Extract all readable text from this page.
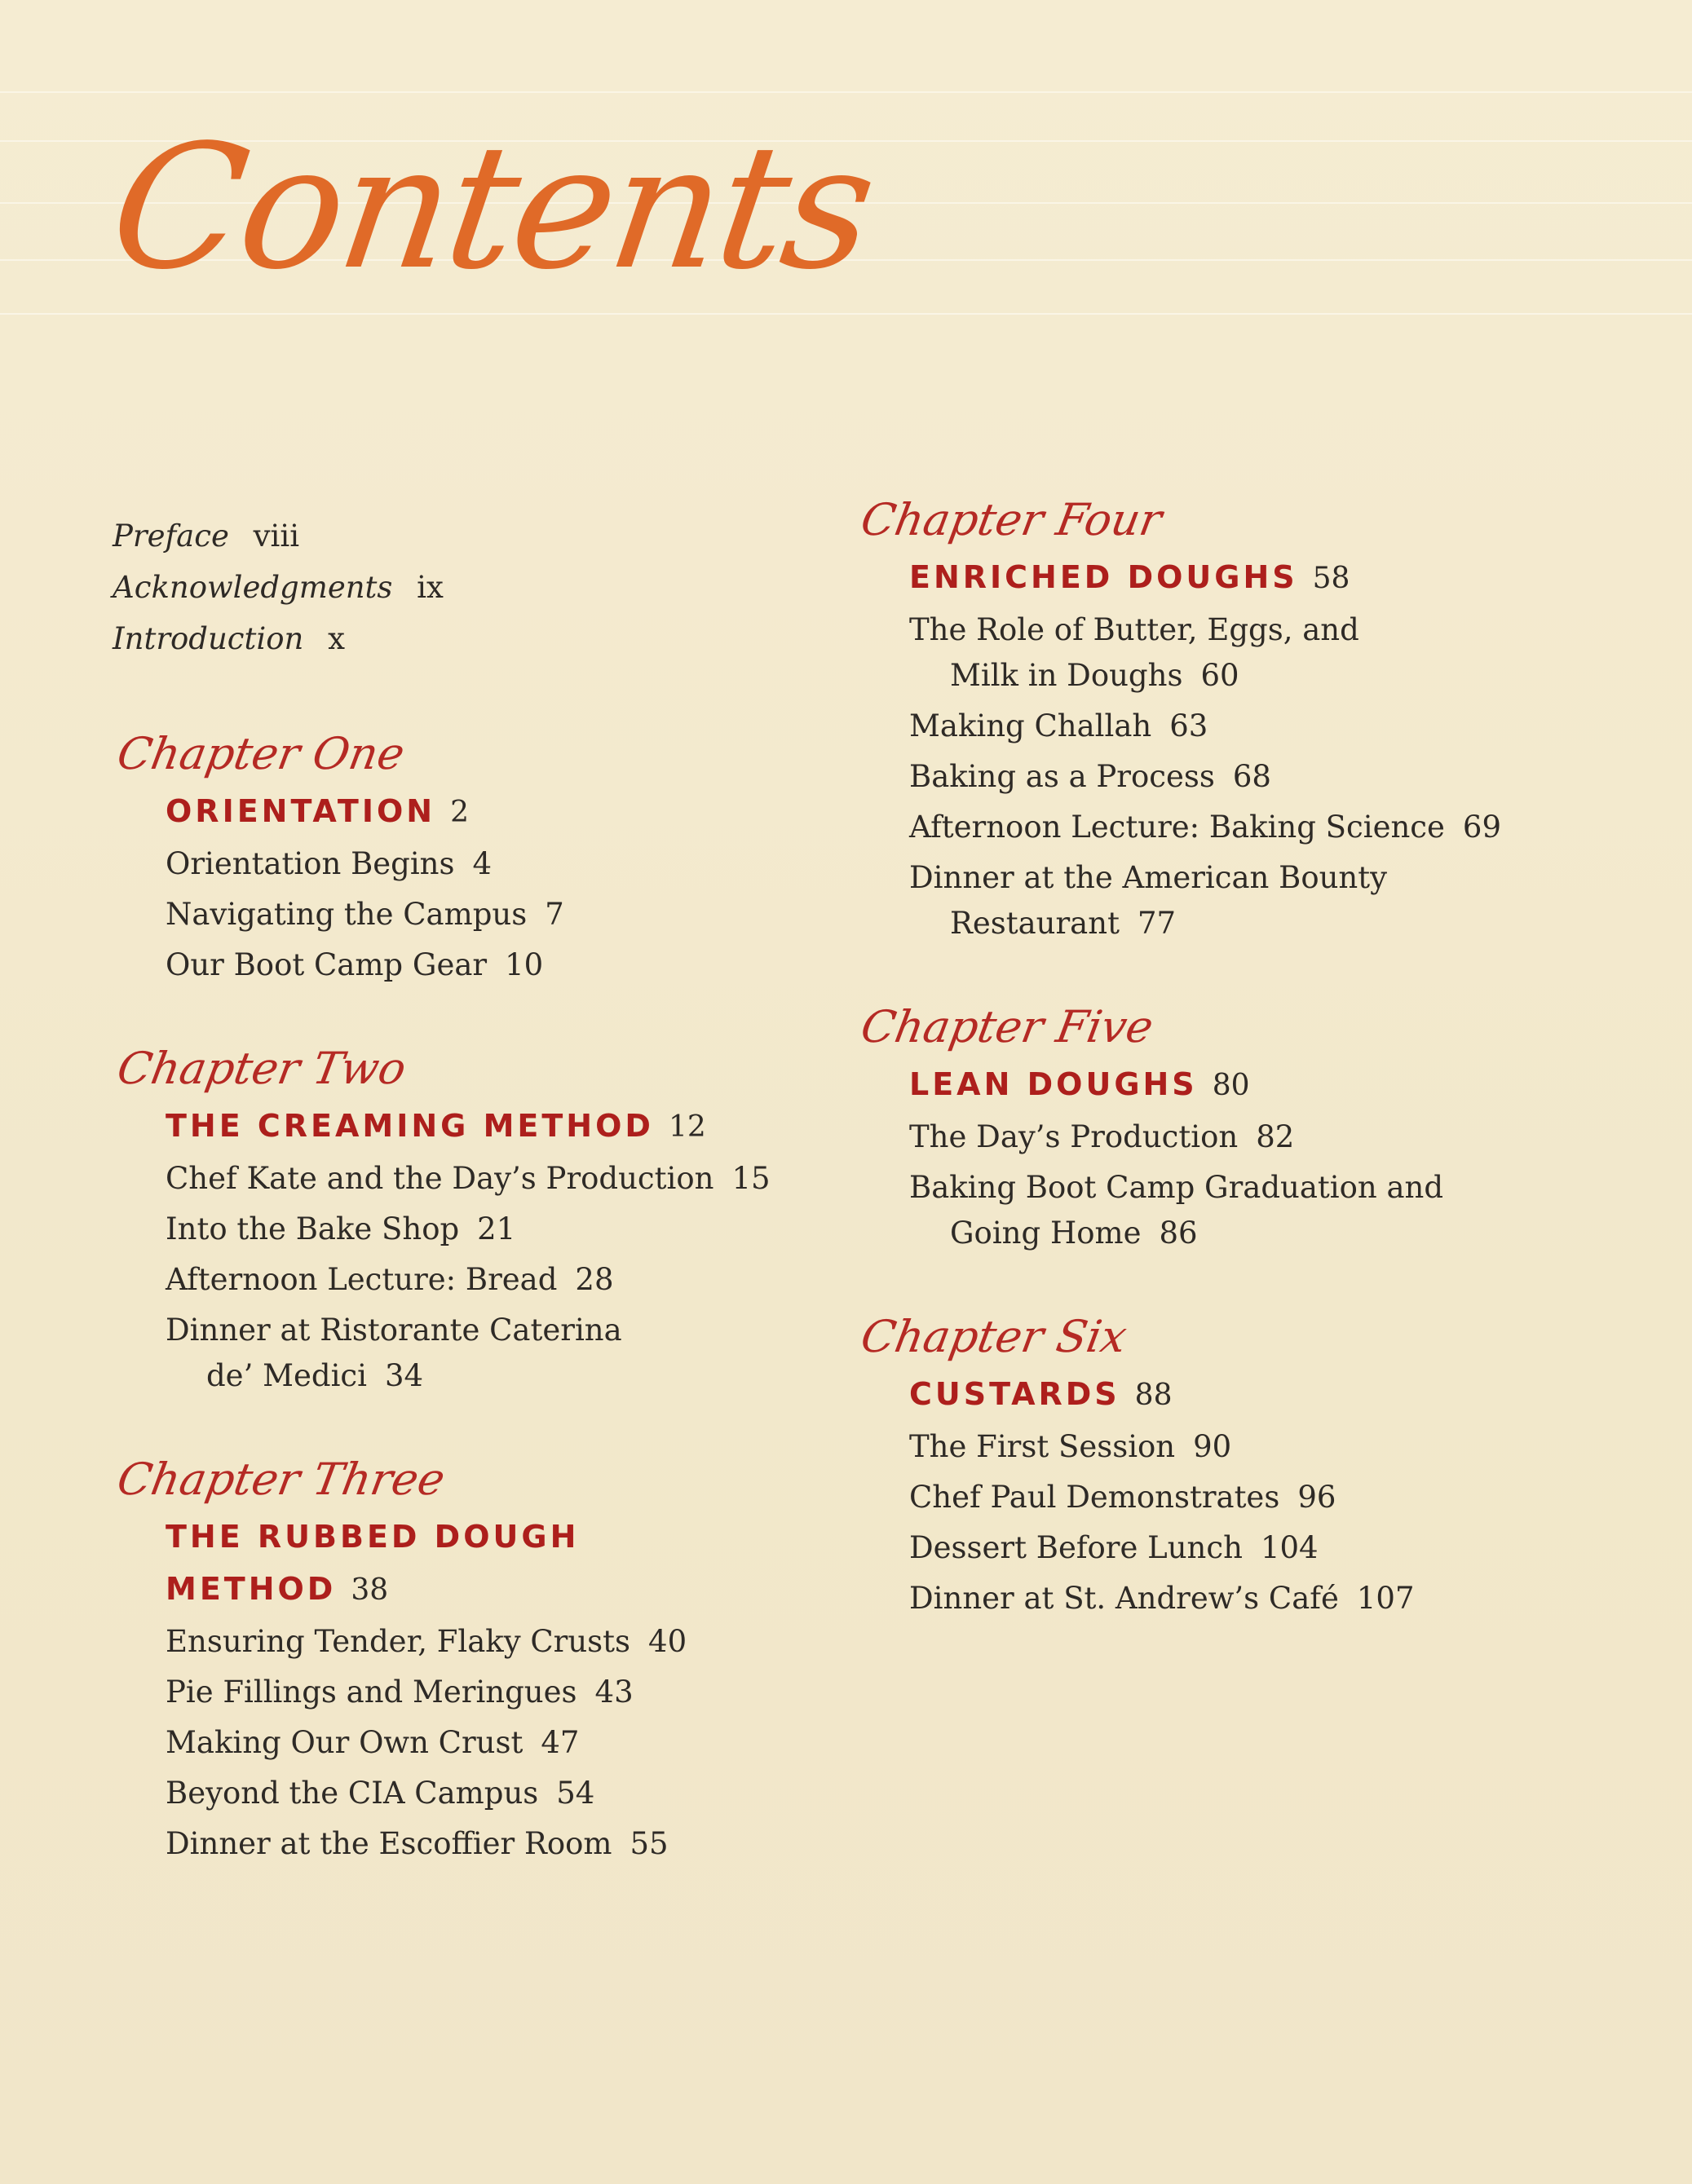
Contents

Preface viii

Acknowledgments ix

Introduction x

Chapter One

ORIENTATION 2

Orientation Begins 4

Navigating the Campus 7

Our Boot Camp Gear 10

Chapter Two

THE CREAMING METHOD 12

Chef Kate and the Day’s Production 15

Into the Bake Shop 21

Afternoon Lecture: Bread 28

Dinner at Ristorante Caterina
de’ Medici 34

Chapter Three

THE RUBBED DOUGH METHOD 38

Ensuring Tender, Flaky Crusts 40

Pie Fillings and Meringues 43

Making Our Own Crust 47

Beyond the CIA Campus 54

Dinner at the Escoffier Room 55

Chapter Four

ENRICHED DOUGHS 58

The Role of Butter, Eggs, and
Milk in Doughs 60

Making Challah 63

Baking as a Process 68

Afternoon Lecture: Baking Science 69

Dinner at the American Bounty
Restaurant 77

Chapter Five

LEAN DOUGHS 80

The Day’s Production 82

Baking Boot Camp Graduation and
Going Home 86

Chapter Six

CUSTARDS 88

The First Session 90

Chef Paul Demonstrates 96

Dessert Before Lunch 104

Dinner at St. Andrew’s Café 107
